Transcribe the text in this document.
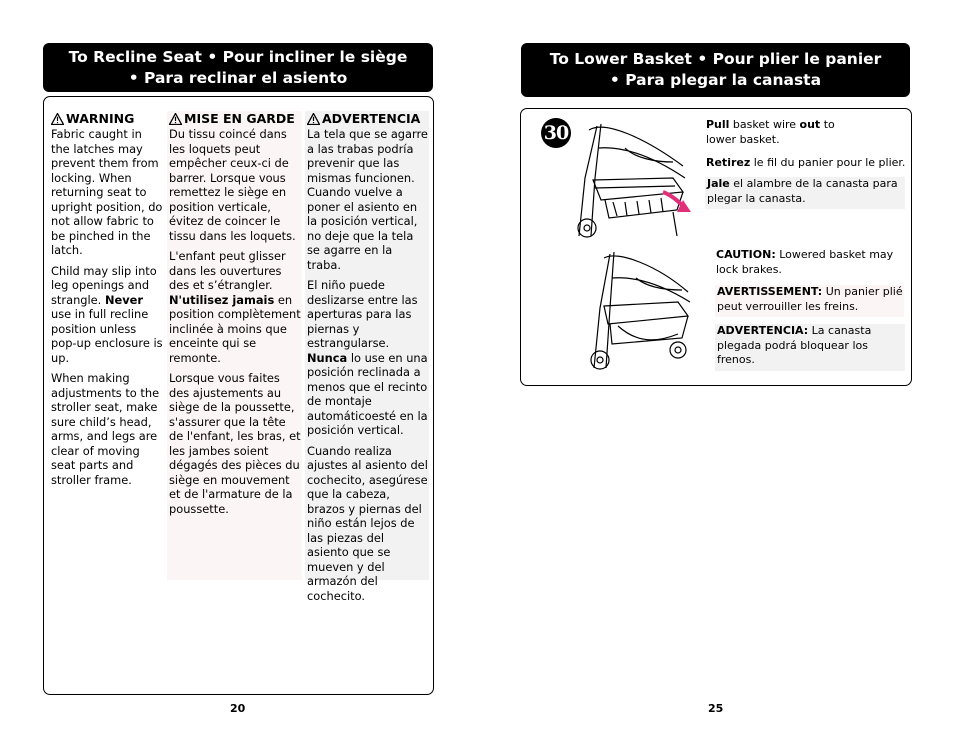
To Recline Seat • Pour incliner le siège
• Para reclinar el asiento
WARNING

Fabric caught in the latches may prevent them from locking. When returning seat to upright position, do not allow fabric to be pinched in the latch.

Child may slip into leg openings and strangle. Never use in full recline position unless pop-up enclosure is up.

When making adjustments to the stroller seat, make sure child’s head, arms, and legs are clear of moving seat parts and stroller frame.

MISE EN GARDE

Du tissu coincé dans les loquets peut empêcher ceux-ci de barrer. Lorsque vous remettez le siège en position verticale, évitez de coincer le tissu dans les loquets.

L'enfant peut glisser dans les ouvertures des et s’étrangler. N'utilisez jamais en position complètement inclinée à moins que enceinte qui se remonte.

Lorsque vous faites des ajustements au siège de la poussette, s'assurer que la tête de l'enfant, les bras, et les jambes soient dégagés des pièces du siège en mouvement et de l'armature de la poussette.

ADVERTENCIA

La tela que se agarre a las trabas podría prevenir que las mismas funcionen. Cuando vuelve a poner el asiento en la posición vertical, no deje que la tela se agarre en la traba.

El niño puede deslizarse entre las aperturas para las piernas y estrangularse. Nunca lo use en una posición reclinada a menos que el recinto de montaje automáticoesté en la posición vertical.

Cuando realiza ajustes al asiento del cochecito, asegúrese que la cabeza, brazos y piernas del niño están lejos de las piezas del asiento que se mueven y del armazón del cochecito.

20
To Lower Basket • Pour plier le panier
• Para plegar la canasta
30	Pull basket wire out to lower basket.
Retirez le fil du panier pour le plier.
Jale el alambre de la canasta para plegar la canasta.
CAUTION: Lowered basket may lock brakes.
AVERTISSEMENT: Un panier plié peut verrouiller les freins.
ADVERTENCIA: La canasta plegada podrá bloquear los frenos.
25
